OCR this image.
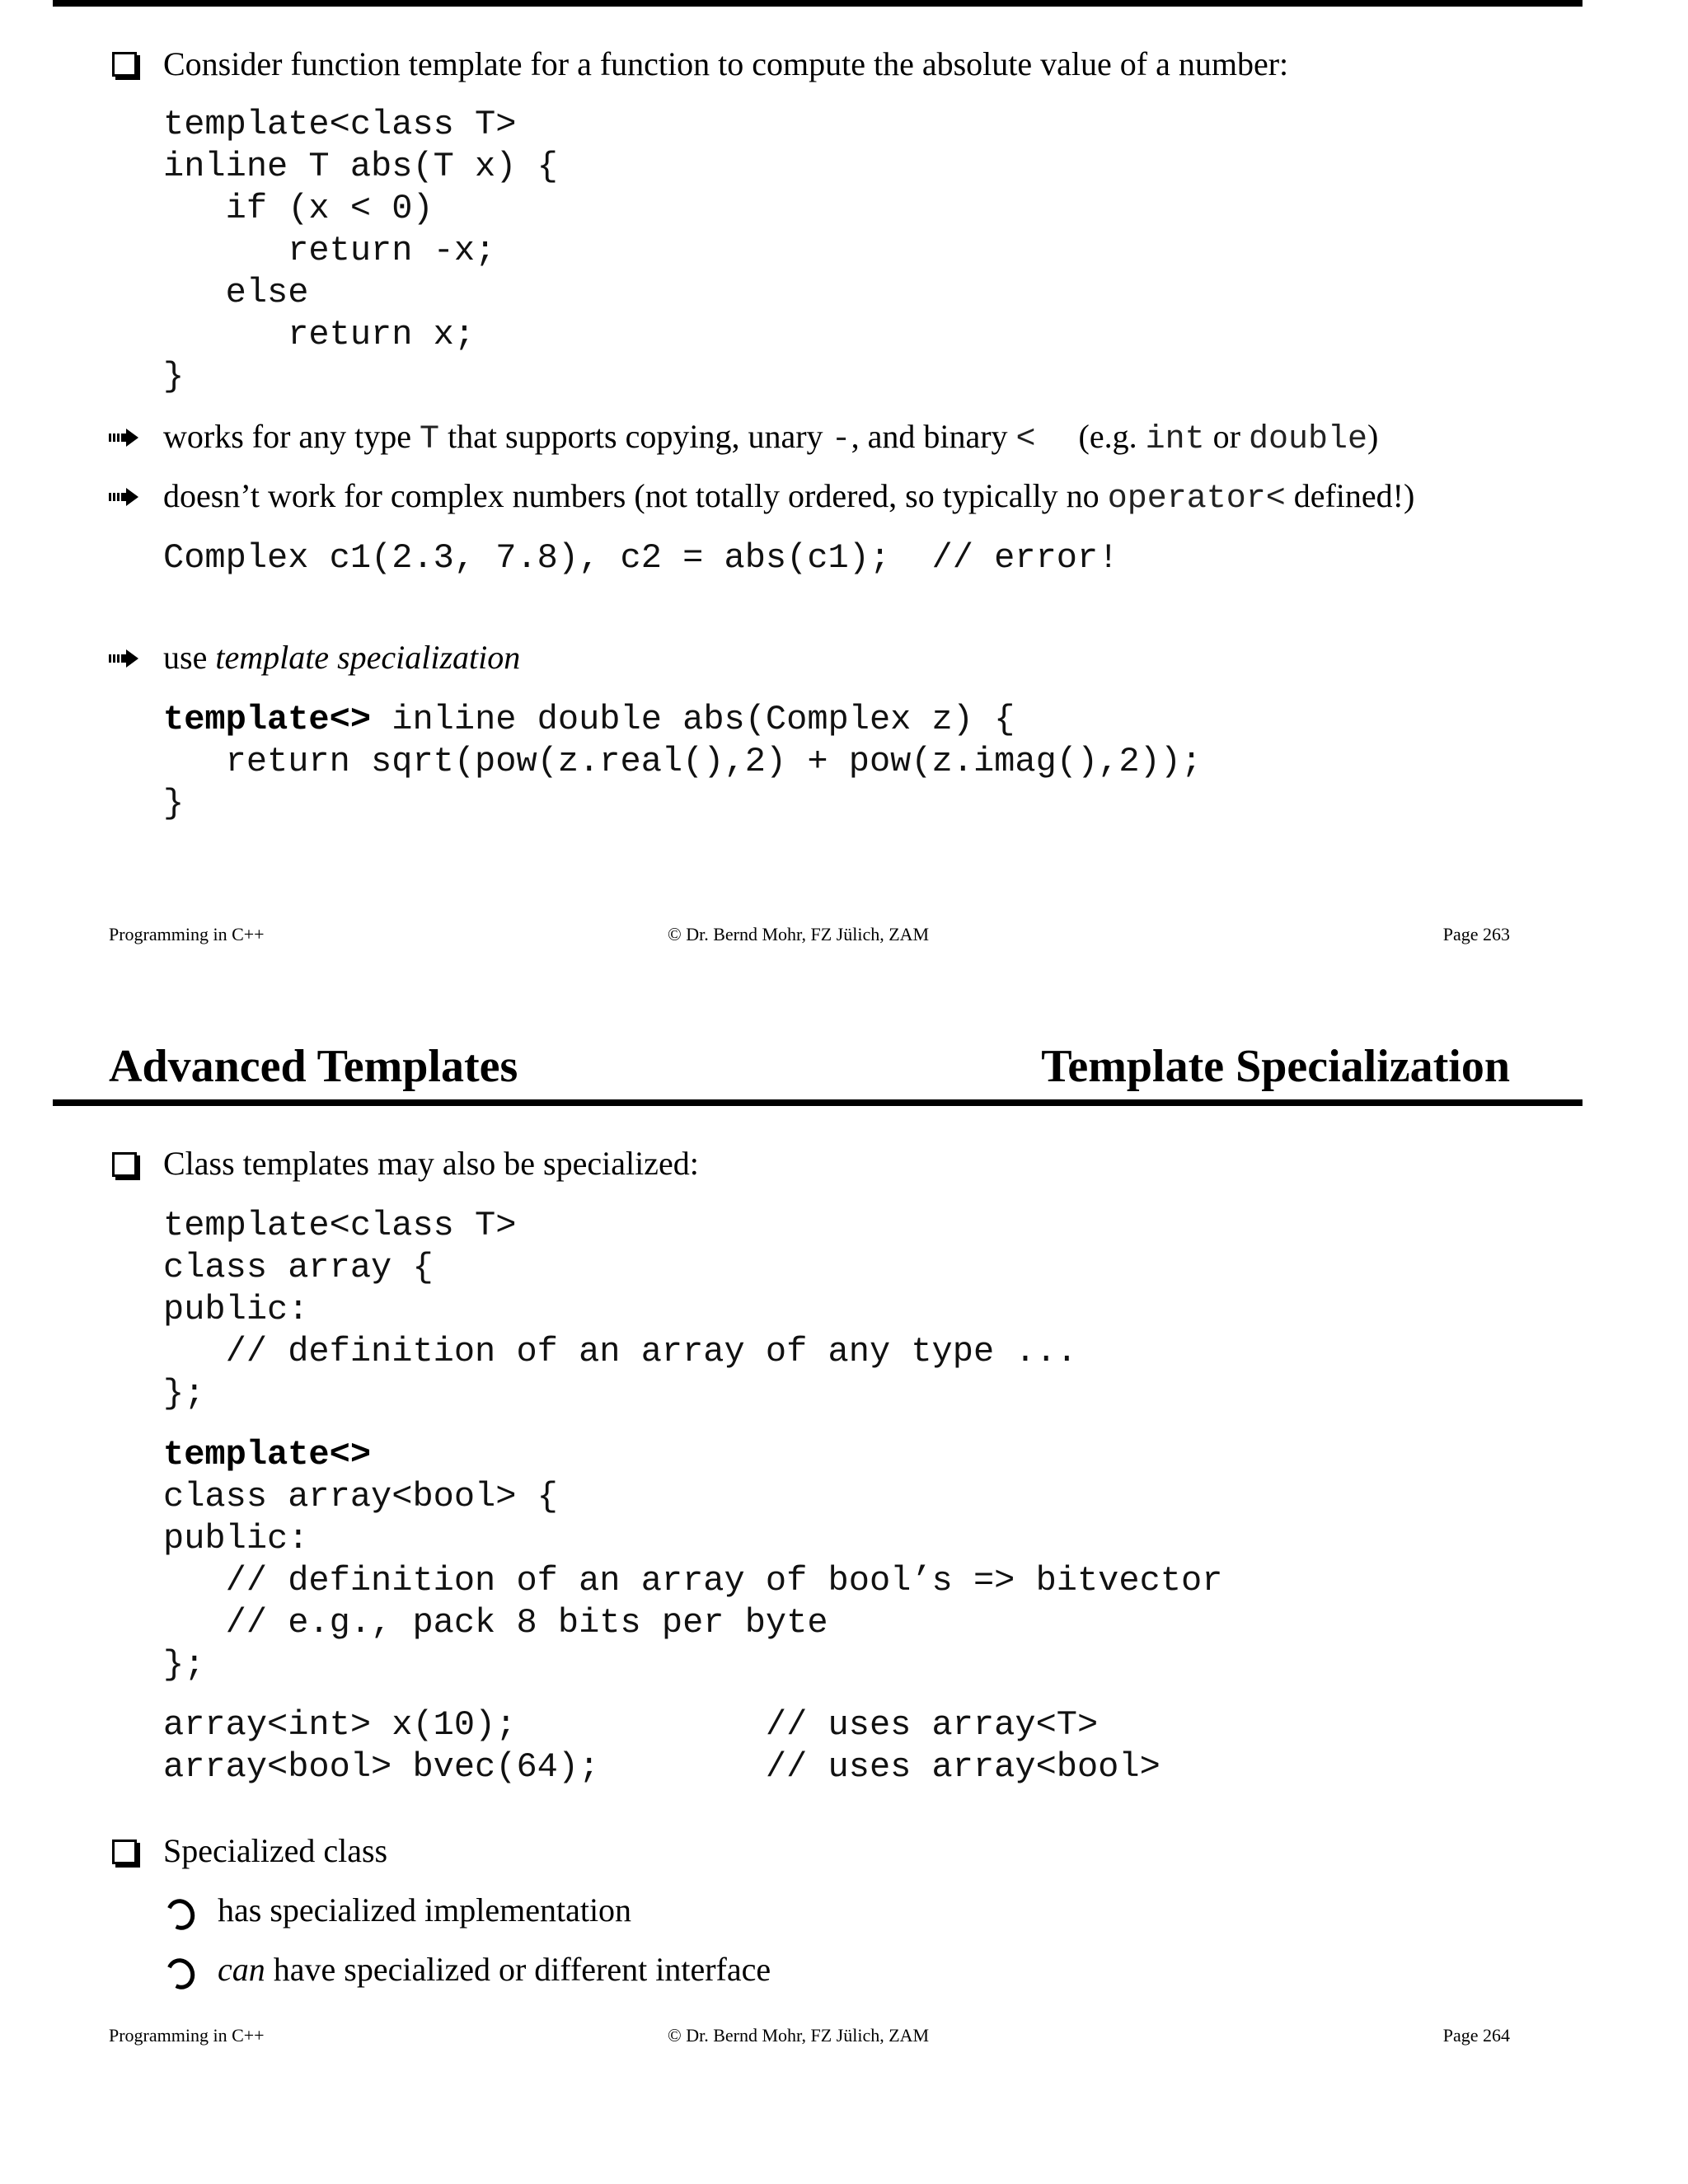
Consider function template for a function to compute the absolute value of a number:
template<class T>
inline T abs(T x) {
if (x < 0)
return -x;
else
return x;
}
works for any type T that supports copying, unary -, and binary < (e.g. int or double)
doesn’t work for complex numbers (not totally ordered, so typically no operator< defined!)
Complex c1(2.3, 7.8), c2 = abs(c1);  // error!
use template specialization
template<> inline double abs(Complex z) {
return sqrt(pow(z.real(),2) + pow(z.imag(),2));
}
Programming in C++	© Dr. Bernd Mohr, FZ Jülich, ZAM	Page 263
Advanced Templates	Template Specialization
Class templates may also be specialized:
template<class T>
class array {
public:
// definition of an array of any type ...
};
template<>
class array<bool> {
public:
// definition of an array of bool’s => bitvector
// e.g., pack 8 bits per byte
};
array<int> x(10);            // uses array<T>
array<bool> bvec(64);        // uses array<bool>
Specialized class
has specialized implementation
can have specialized or different interface
Programming in C++	© Dr. Bernd Mohr, FZ Jülich, ZAM	Page 264
